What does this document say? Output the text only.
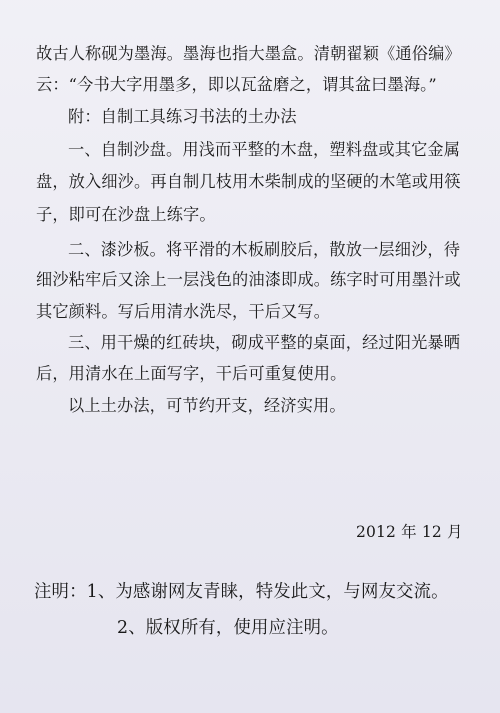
故古人称砚为墨海。墨海也指大墨盒。清朝翟颖《通俗编》
云：“今书大字用墨多，即以瓦盆磨之，谓其盆曰墨海。”
附：自制工具练习书法的土办法
一、自制沙盘。用浅而平整的木盘，塑料盘或其它金属
盘，放入细沙。再自制几枝用木柴制成的坚硬的木笔或用筷
子，即可在沙盘上练字。
二、漆沙板。将平滑的木板刷胶后，散放一层细沙，待
细沙粘牢后又涂上一层浅色的油漆即成。练字时可用墨汁或
其它颜料。写后用清水洗尽，干后又写。
三、用干燥的红砖块，砌成平整的桌面，经过阳光暴晒
后，用清水在上面写字，干后可重复使用。
以上土办法，可节约开支，经济实用。
2012 年 12 月
注明：1、为感谢网友青睐，特发此文，与网友交流。
2、版权所有，使用应注明。
